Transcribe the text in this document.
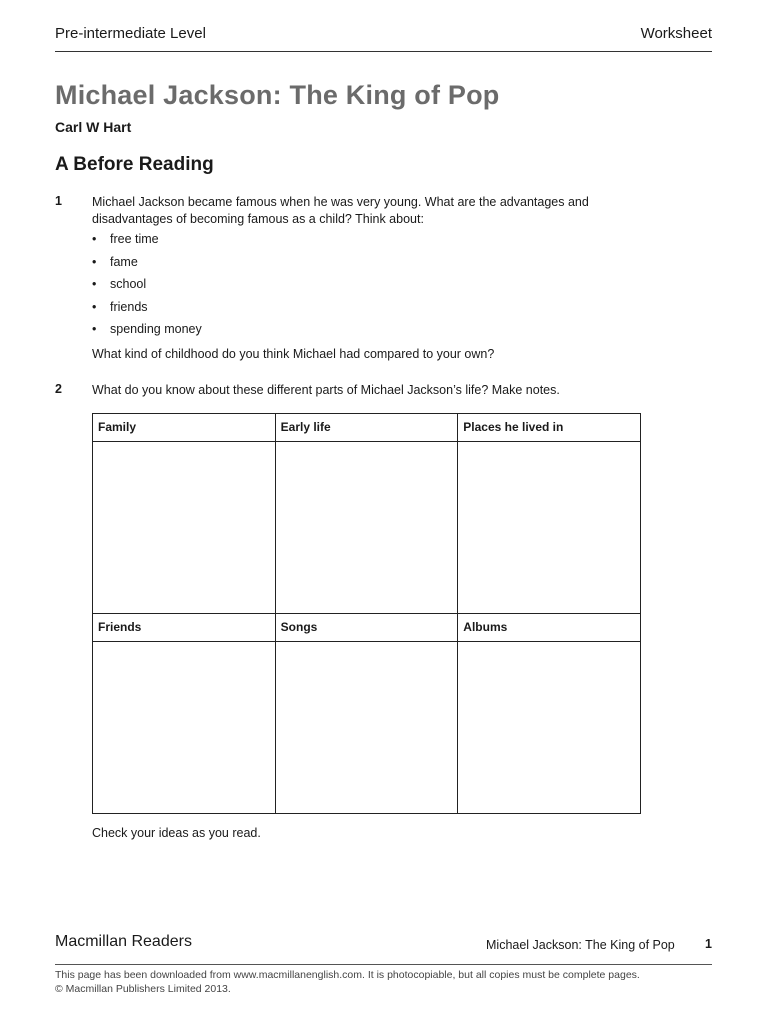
Pre-intermediate Level	Worksheet
Michael Jackson: The King of Pop
Carl W Hart
A Before Reading
1 Michael Jackson became famous when he was very young. What are the advantages and disadvantages of becoming famous as a child? Think about:
• free time
• fame
• school
• friends
• spending money
What kind of childhood do you think Michael had compared to your own?
2 What do you know about these different parts of Michael Jackson’s life? Make notes.
Family	Early life	Places he lived in

Friends	Songs	Albums

Check your ideas as you read.
Macmillan Readers	Michael Jackson: The King of Pop 1
This page has been downloaded from www.macmillanenglish.com. It is photocopiable, but all copies must be complete pages.
© Macmillan Publishers Limited 2013.
